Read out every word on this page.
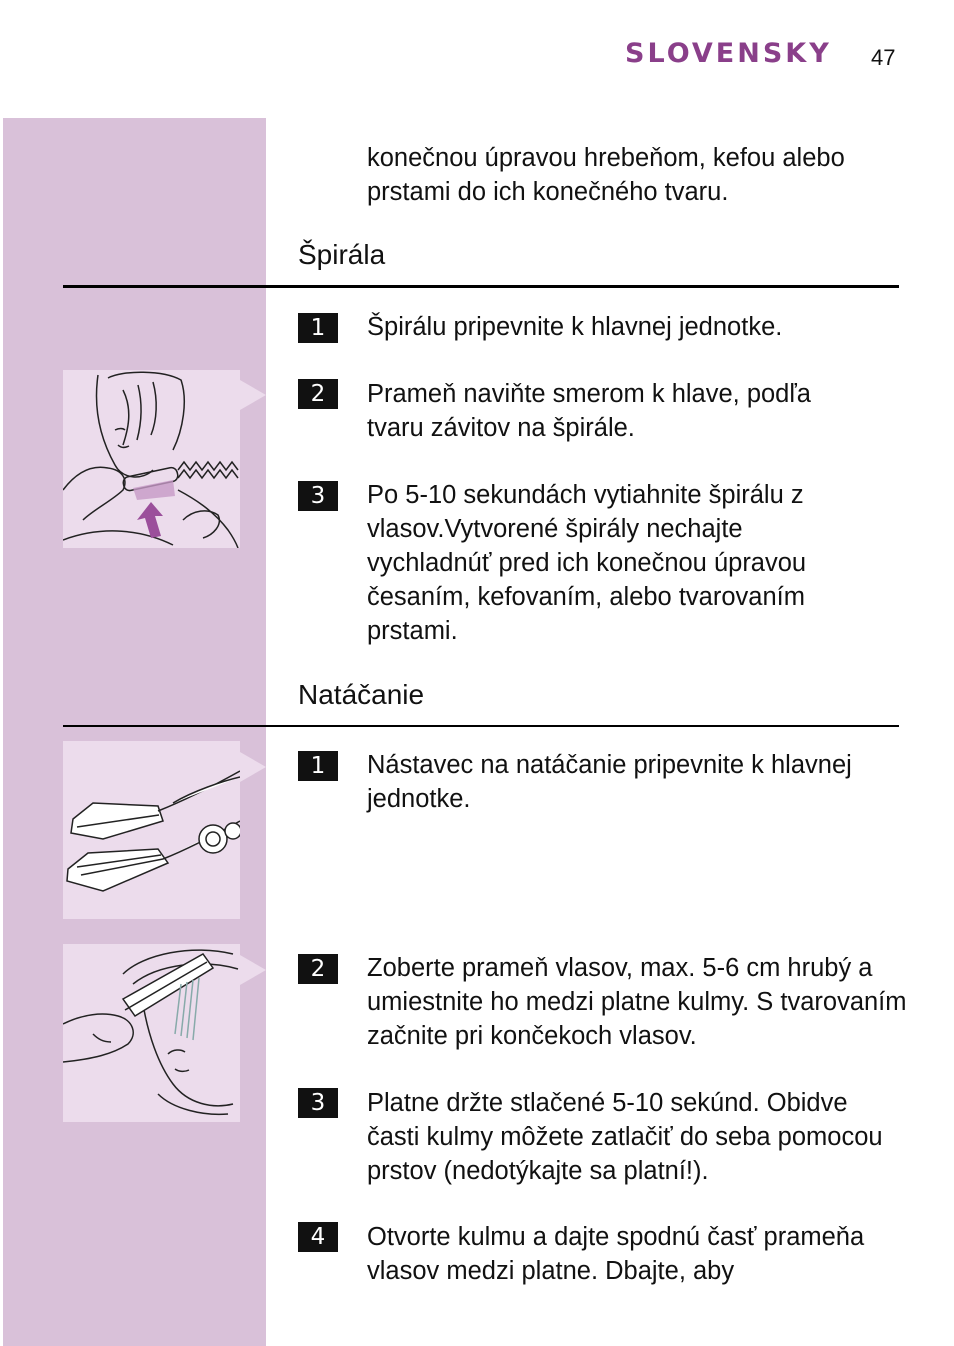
SLOVENSKY 47
konečnou úpravou hrebeňom, kefou alebo prstami do ich konečného tvaru.
Špirála
1	Špirálu pripevnite k hlavnej jednotke.
2	Prameň naviňte smerom k hlave, podľa tvaru závitov na špirále.
3	Po 5-10 sekundách vytiahnite špirálu z vlasov.Vytvorené špirály nechajte vychladnúť pred ich konečnou úpravou česaním, kefovaním, alebo tvarovaním prstami.
Natáčanie
1	Nástavec na natáčanie pripevnite k hlavnej jednotke.
2	Zoberte prameň vlasov, max. 5-6 cm hrubý a umiestnite ho medzi platne kulmy. S tvarovaním začnite pri končekoch vlasov.
3	Platne držte stlačené 5-10 sekúnd. Obidve časti kulmy môžete zatlačiť do seba pomocou prstov (nedotýkajte sa platní!).
4	Otvorte kulmu a dajte spodnú časť prameňa vlasov medzi platne. Dbajte, aby
